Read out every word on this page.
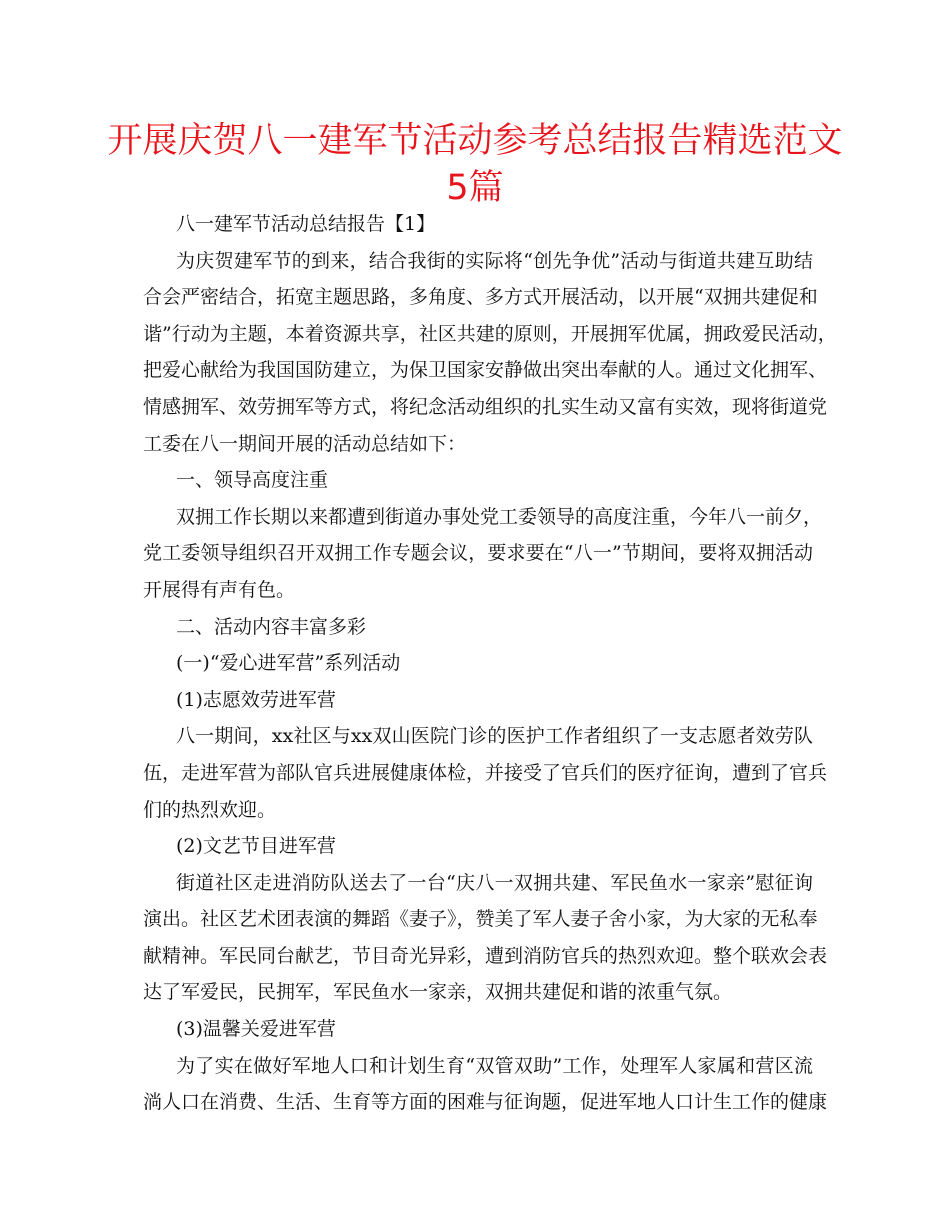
开展庆贺八一建军节活动参考总结报告精选范文
5篇
八一建军节活动总结报告【1】
为庆贺建军节的到来，结合我街的实际将“创先争优”活动与街道共建互助结
合会严密结合，拓宽主题思路，多角度、多方式开展活动，以开展“双拥共建促和
谐”行动为主题，本着资源共享，社区共建的原则，开展拥军优属，拥政爱民活动，
把爱心献给为我国国防建立，为保卫国家安静做出突出奉献的人。通过文化拥军、
情感拥军、效劳拥军等方式，将纪念活动组织的扎实生动又富有实效，现将街道党
工委在八一期间开展的活动总结如下：
一、领导高度注重
双拥工作长期以来都遭到街道办事处党工委领导的高度注重，今年八一前夕，
党工委领导组织召开双拥工作专题会议，要求要在“八一”节期间，要将双拥活动
开展得有声有色。
二、活动内容丰富多彩
(一)“爱心进军营”系列活动
(1)志愿效劳进军营
八一期间，xx社区与xx双山医院门诊的医护工作者组织了一支志愿者效劳队
伍，走进军营为部队官兵进展健康体检，并接受了官兵们的医疗征询，遭到了官兵
们的热烈欢迎。
(2)文艺节目进军营
街道社区走进消防队送去了一台“庆八一双拥共建、军民鱼水一家亲”慰征询
演出。社区艺术团表演的舞蹈《妻子》，赞美了军人妻子舍小家，为大家的无私奉
献精神。军民同台献艺，节目奇光异彩，遭到消防官兵的热烈欢迎。整个联欢会表
达了军爱民，民拥军，军民鱼水一家亲，双拥共建促和谐的浓重气氛。
(3)温馨关爱进军营
为了实在做好军地人口和计划生育“双管双助”工作，处理军人家属和营区流
淌人口在消费、生活、生育等方面的困难与征询题，促进军地人口计生工作的健康
